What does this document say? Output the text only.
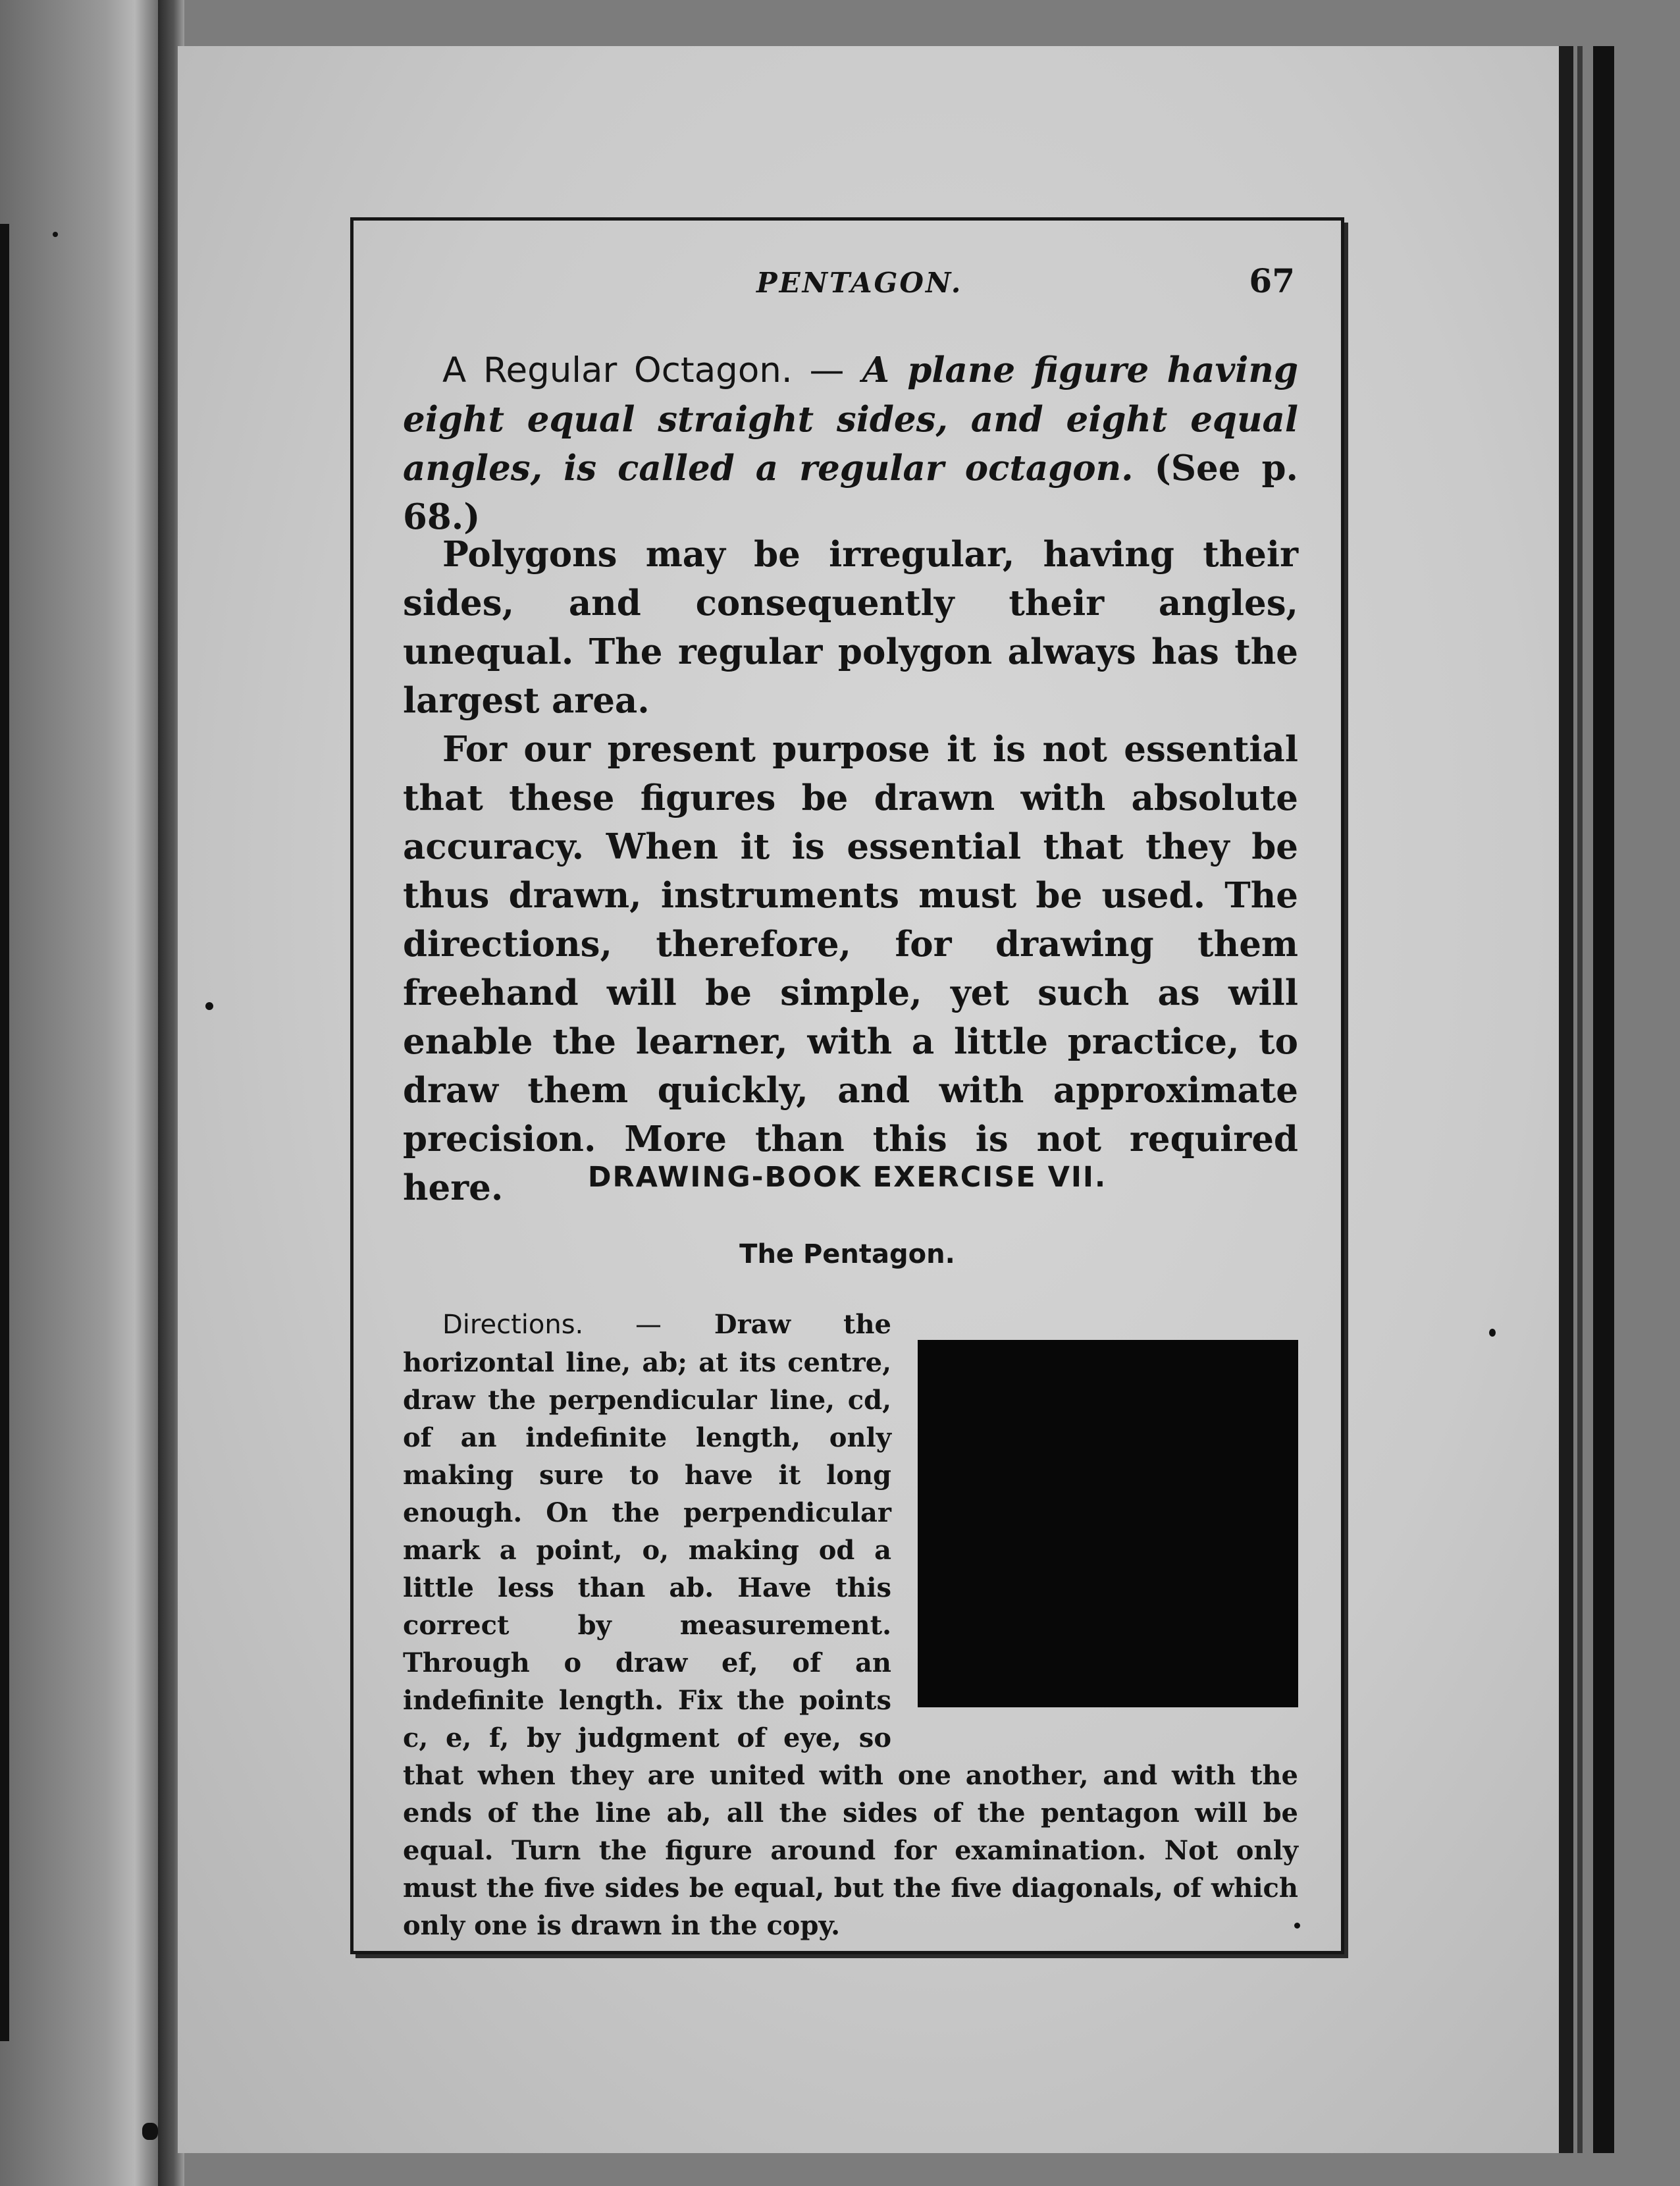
PENTAGON.	67

A Regular Octagon. — A plane figure having eight equal straight sides, and eight equal angles, is called a regular octagon. (See p. 68.)

Polygons may be irregular, having their sides, and consequently their angles, unequal. The regular polygon always has the largest area.

For our present purpose it is not essential that these figures be drawn with absolute accuracy. When it is essential that they be thus drawn, instruments must be used. The directions, therefore, for drawing them freehand will be simple, yet such as will enable the learner, with a little practice, to draw them quickly, and with approximate precision. More than this is not required here.	DRAWING-BOOK EXERCISE VII.
The Pentagon.

Directions. — Draw the horizontal line, ab; at its centre, draw the perpendicular line, cd, of an indefinite length, only making sure to have it long enough. On the perpendicular mark a point, o, making od a little less than ab. Have this correct by measurement. Through o draw ef, of an indefinite length. Fix the points c, e, f, by judgment of eye, so that when they are united with one another, and with the ends of the line ab, all the sides of the pentagon will be equal. Turn the figure around for examination. Not only must the five sides be equal, but the five diagonals, of which only one is drawn in the copy.
